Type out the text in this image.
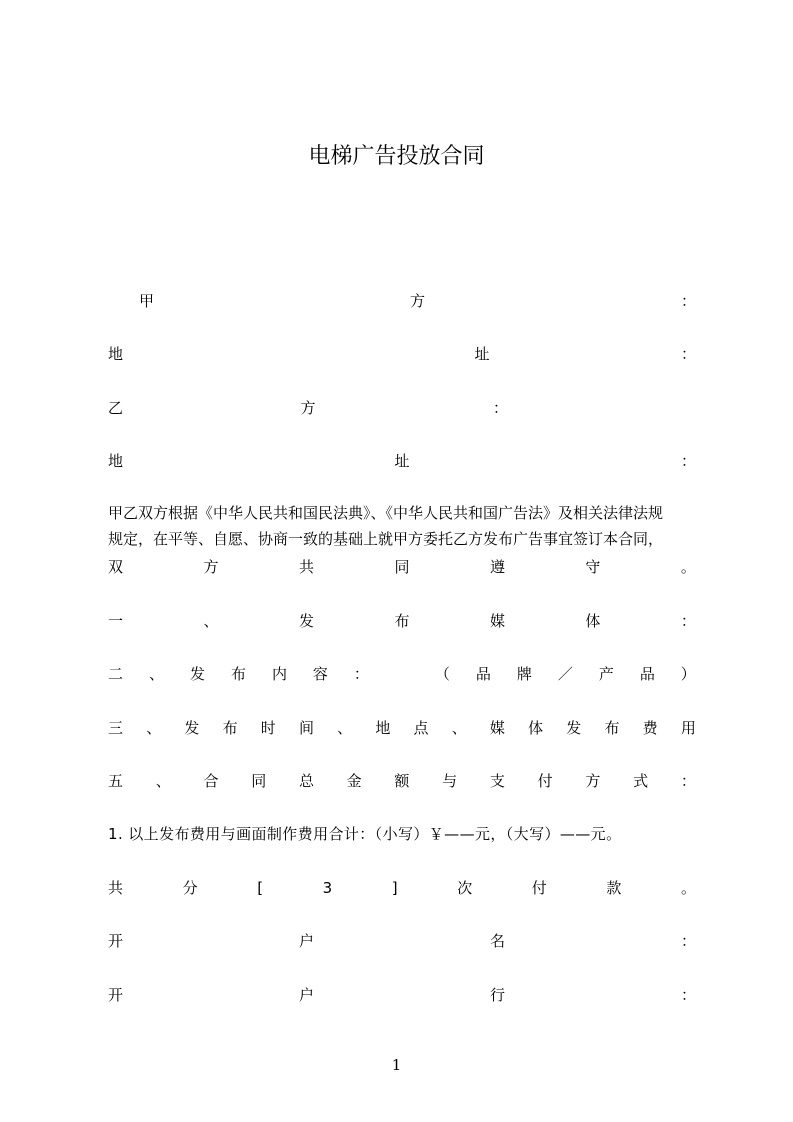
电梯广告投放合同
甲	方	：
地	址	：
乙	方	：
地	址	：
甲乙双方根据《中华人民共和国民法典》、《中华人民共和国广告法》及相关法律法规
规定，在平等、自愿、协商一致的基础上就甲方委托乙方发布广告事宜签订本合同，
双	方	共	同	遵	守	。
一	、	发	布	媒	体	：
二 、 发 布 内 容 ：	（ 品 牌 ／ 产 品 ）
三 、 发 布 时 间 、 地 点 、 媒 体 发 布 费 用
五 、 合 同 总 金 额 与 支 付 方 式 ：
1. 以上发布费用与画面制作费用合计：（小写）￥——元，（大写）——元。
共	分	[	3	]	次	付	款	。
开	户	名	：
开	户	行	：
1
